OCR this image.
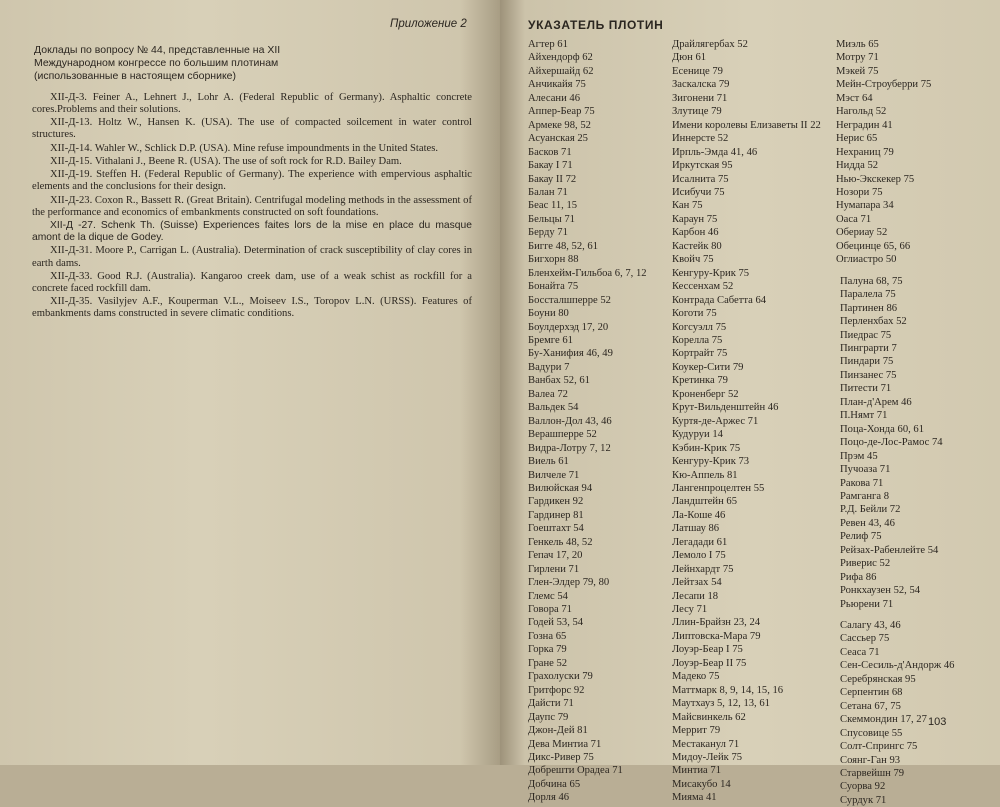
Приложение 2
Доклады по вопросу № 44, представленные на XII
Международном конгрессе по большим плотинам
(использованные в настоящем сборнике)

XII-Д-3. Feiner A., Lehnert J., Lohr A. (Federal Republic of Germany). Asphaltic concrete cores.Problems and their solutions.

XII-Д-13. Holtz W., Hansen K. (USA). The use of compacted soilcement in water control structures.

XII-Д-14. Wahler W., Schlick D.P. (USA). Mine refuse impoundments in the United States.

XII-Д-15. Vithalani J., Beene R. (USA). The use of soft rock for R.D. Bailey Dam.

XII-Д-19. Steffen H. (Federal Republic of Germany). The experience with empervious asphaltic elements and the conclusions for their design.

XII-Д-23. Coxon R., Bassett R. (Great Britain). Centrifugal modeling methods in the assessment of the performance and economics of embankments constructed on soft foundations.

XII-Д -27. Schenk Th. (Suisse) Experiences faites lors de la mise en place du masque amont de la dique de Godey.

XII-Д-31. Moore P., Carrigan L. (Australia). Determination of crack susceptibility of clay cores in earth dams.

XII-Д-33. Good R.J. (Australia). Kangaroo creek dam, use of a weak schist as rockfill for a concrete faced rockfill dam.

XII-Д-35. Vasilyjev A.F., Kouperman V.L., Moiseev I.S., Toropov L.N. (URSS). Features of embankments dams constructed in severe climatic conditions.

УКАЗАТЕЛЬ ПЛОТИН
Агтер 61
Айхендорф 62
Айхершайд 62
Анчикайя 75
Алесани 46
Аппер-Беар 75
Армеке 98, 52
Асуанская 25
Басков 71
Бакау I 71
Бакау II 72
Балан 71
Беас 11, 15
Бельцы 71
Берду 71
Бигге 48, 52, 61
Бигхорн 88
Бленхейм-Гильбоа 6, 7, 12
Бонайта 75
Боссталшперре 52
Боуни 80
Боулдерхэд 17, 20
Бремге 61
Бу-Ханифия 46, 49
Вадури 7
Ванбах 52, 61
Валеа 72
Вальдек 54
Валлон-Дол 43, 46
Верашперре 52
Видра-Лотру 7, 12
Виель 61
Вилчеле 71
Вилюйская 94
Гардикен 92
Гардинер 81
Гоештахт 54
Генкель 48, 52
Гепач 17, 20
Гирлени 71
Глен-Элдер 79, 80
Глемс 54
Говора 71
Годей 53, 54
Гозна 65
Горка 79
Гране 52
Грахолуски 79
Гритфорс 92
Дайсти 71
Даупс 79
Джон-Дей 81
Дева Минтиа 71
Дикс-Ривер 75
Добрешти Орадеа 71
Добчина 65
Дорля 46
Драйлягербах 52
Дюн 61
Есенице 79
Заскалска 79
Зигонени 71
Злутице 79
Имени королевы Елизаветы II 22
Иннерсте 52
Ирпль-Эмда 41, 46
Иркутская 95
Исалнита 75
Исибучи 75
Кан 75
Караун 75
Карбон 46
Кастейк 80
Квойч 75
Кенгуру-Крик 75
Кессенхам 52
Контрада Сабетта 64
Коготи 75
Когсуэлл 75
Корелла 75
Кортрайт 75
Коукер-Сити 79
Кретинка 79
Кроненберг 52
Крут-Вильденштейн 46
Куртя-де-Аржес 71
Кудуруи 14
Кэбин-Крик 75
Кенгуру-Крик 73
Кю-Аппель 81
Лангенпроцелтен 55
Ландштейн 65
Ла-Коше 46
Латшау 86
Легадади 61
Лемоло I 75
Лейнхардт 75
Лейтзах 54
Лесапи 18
Лесу 71
Ллин-Брайзн 23, 24
Липтовска-Мара 79
Лоуэр-Беар I 75
Лоуэр-Беар II 75
Мадеко 75
Маттмарк 8, 9, 14, 15, 16
Маутхауз 5, 12, 13, 61
Майсвинкель 62
Меррит 79
Местаканул 71
Мидоу-Лейк 75
Минтиа 71
Мисакубо 14
Мияма 41
Миэль 65
Мотру 71
Мэкей 75
Мейн-Строуберри 75
Мэст 64
Нагольд 52
Неградин 41
Нерис 65
Нехраниц 79
Нидда 52
Нью-Экскекер 75
Нозори 75
Нумапара 34
Оаса 71
Обериау 52
Обецинце 65, 66
Оглиастро 50
Палуна 68, 75
Паралела 75
Партинен 86
Перленхбах 52
Пиедрас 75
Пинграрти 7
Пиндари 75
Пинзанес 75
Питести 71
План-д'Арем 46
П.Нямт 71
Поца-Хонда 60, 61
Поцо-де-Лос-Рамос 74
Прэм 45
Пучоаза 71
Ракова 71
Рамганга 8
Р.Д. Бейли 72
Ревен 43, 46
Релиф 75
Рейзах-Рабенлейте 54
Риверис 52
Рифа 86
Ронкхаузен 52, 54
Рьюрени 71
Салагу 43, 46
Сассьер 75
Сеаса 71
Сен-Сесиль-д'Андорж 46
Серебрянская 95
Серпентин 68
Сетана 67, 75
Скеммондин 17, 27
Спусовице 55
Солт-Спрингс 75
Соянг-Ган 93
Старвейшн 79
Суорва 92
Сурдук 71
103
